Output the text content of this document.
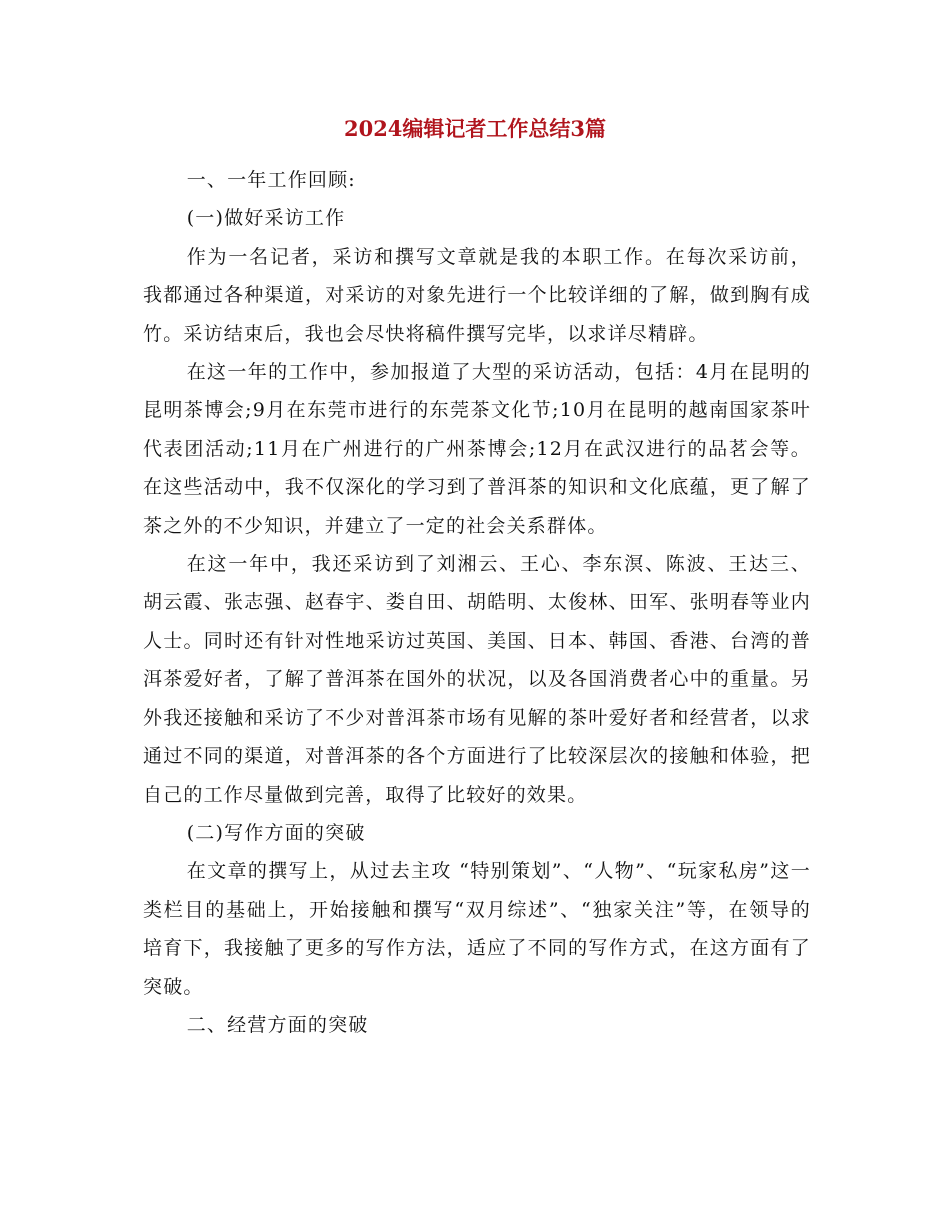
2024编辑记者工作总结3篇

一、一年工作回顾:

(一)做好采访工作

作为一名记者，采访和撰写文章就是我的本职工作。在每次采访前，我都通过各种渠道，对采访的对象先进行一个比较详细的了解，做到胸有成竹。采访结束后，我也会尽快将稿件撰写完毕，以求详尽精辟。

在这一年的工作中，参加报道了大型的采访活动，包括：4月在昆明的昆明茶博会;9月在东莞市进行的东莞茶文化节;10月在昆明的越南国家茶叶代表团活动;11月在广州进行的广州茶博会;12月在武汉进行的品茗会等。在这些活动中，我不仅深化的学习到了普洱茶的知识和文化底蕴，更了解了茶之外的不少知识，并建立了一定的社会关系群体。

在这一年中，我还采访到了刘湘云、王心、李东溟、陈波、王达三、胡云霞、张志强、赵春宇、娄自田、胡皓明、太俊林、田军、张明春等业内人士。同时还有针对性地采访过英国、美国、日本、韩国、香港、台湾的普洱茶爱好者，了解了普洱茶在国外的状况，以及各国消费者心中的重量。另外我还接触和采访了不少对普洱茶市场有见解的茶叶爱好者和经营者，以求通过不同的渠道，对普洱茶的各个方面进行了比较深层次的接触和体验，把自己的工作尽量做到完善，取得了比较好的效果。

(二)写作方面的突破

在文章的撰写上，从过去主攻 “特别策划”、“人物”、“玩家私房”这一类栏目的基础上，开始接触和撰写“双月综述”、“独家关注”等，在领导的培育下，我接触了更多的写作方法，适应了不同的写作方式，在这方面有了突破。

二、经营方面的突破
